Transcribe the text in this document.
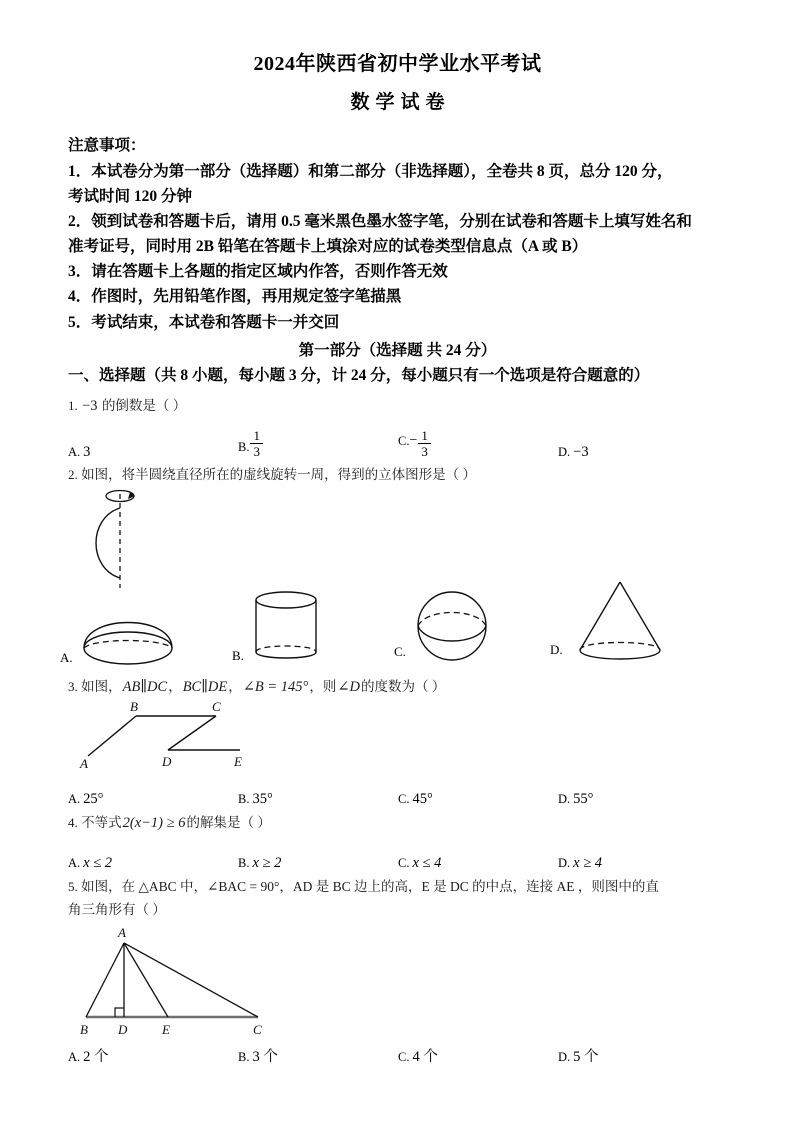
2024年陕西省初中学业水平考试
数学试卷

注意事项：

1．本试卷分为第一部分（选择题）和第二部分（非选择题），全卷共 8 页，总分 120 分，

考试时间 120 分钟

2．领到试卷和答题卡后，请用 0.5 毫米黑色墨水签字笔，分别在试卷和答题卡上填写姓名和

准考证号，同时用 2B 铅笔在答题卡上填涂对应的试卷类型信息点（A 或 B）

3．请在答题卡上各题的指定区域内作答，否则作答无效

4．作图时，先用铅笔作图，再用规定签字笔描黑

5．考试结束，本试卷和答题卡一并交回

第一部分（选择题 共 24 分）

一、选择题（共 8 小题，每小题 3 分，计 24 分，每小题只有一个选项是符合题意的）

1. −3 的倒数是（ ）

A. 3	B. $\frac{1}{3}$	$C.- \frac{1}{3}$	D. −3

2. 如图，将半圆绕直径所在的虚线旋转一周，得到的立体图形是（ ）

A.	B.	C.	D.

3. 如图，AB∥DC，BC∥DE，∠B = 145°，则∠D的度数为（ ）

B	C
A	D	E
A. 25°	B. 35°	C. 45°	D. 55°

4. 不等式2(x−1) ≥ 6的解集是（ ）

A. x ≤ 2	B. x ≥ 2	C. x ≤ 4	D. x ≥ 4

5. 如图，在 △ABC 中，∠BAC = 90°，AD 是 BC 边上的高，E 是 DC 的中点，连接 AE ，则图中的直

角三角形有（ ）

A
B D	E	C
A. 2 个	B. 3 个	C. 4 个	D. 5 个
